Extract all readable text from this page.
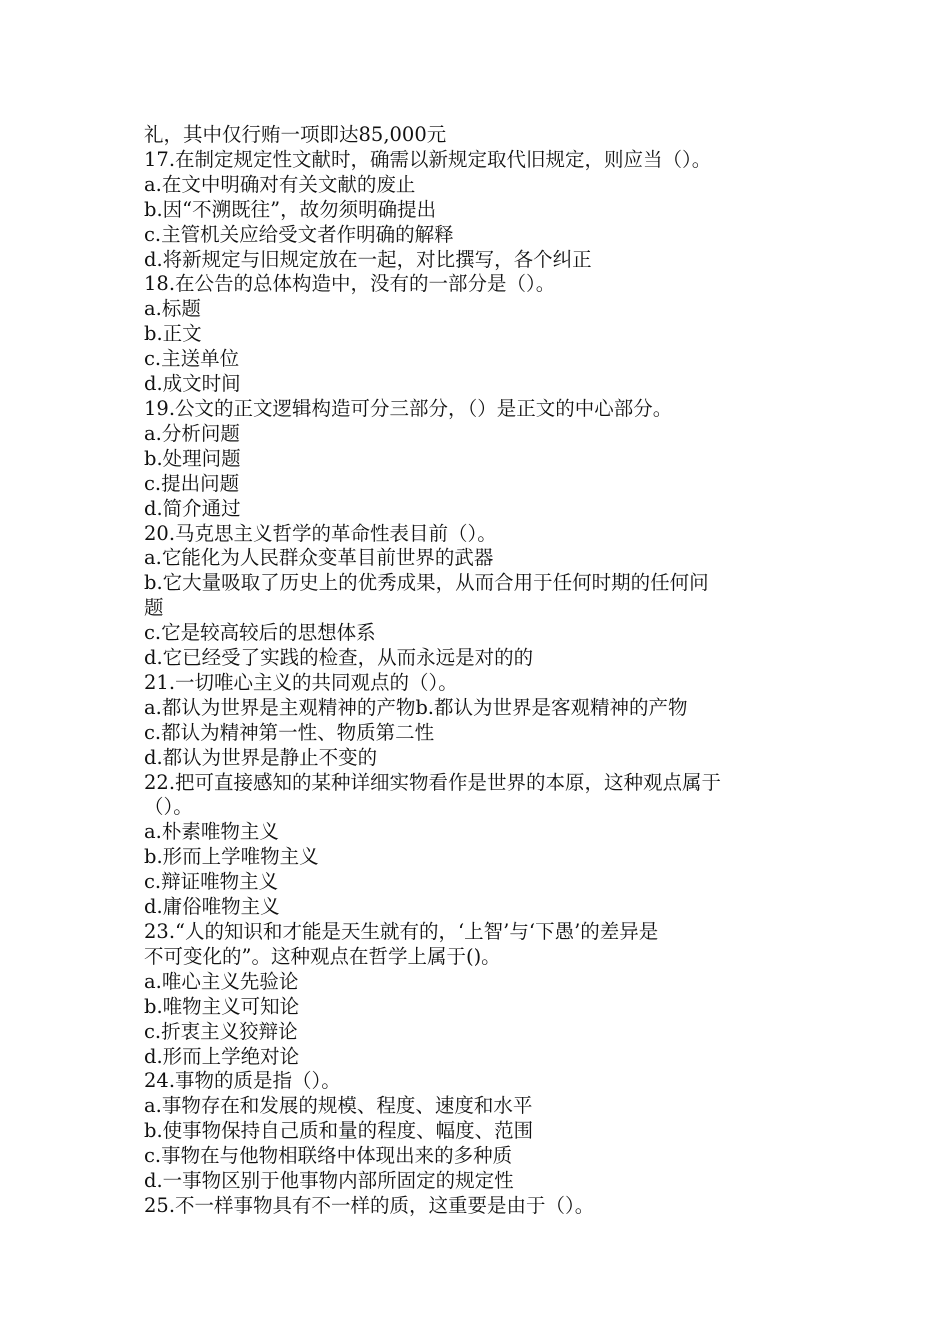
礼，其中仅行贿一项即达85,000元

17.在制定规定性文献时，确需以新规定取代旧规定，则应当（）。

a.在文中明确对有关文献的废止

b.因“不溯既往”，故勿须明确提出

c.主管机关应给受文者作明确的解释

d.将新规定与旧规定放在一起，对比撰写，各个纠正

18.在公告的总体构造中，没有的一部分是（）。

a.标题

b.正文

c.主送单位

d.成文时间

19.公文的正文逻辑构造可分三部分，（）是正文的中心部分。

a.分析问题

b.处理问题

c.提出问题

d.简介通过

20.马克思主义哲学的革命性表目前（）。

a.它能化为人民群众变革目前世界的武器

b.它大量吸取了历史上的优秀成果，从而合用于任何时期的任何问

题

c.它是较高较后的思想体系

d.它已经受了实践的检查，从而永远是对的的

21.一切唯心主义的共同观点的（）。

a.都认为世界是主观精神的产物b.都认为世界是客观精神的产物

c.都认为精神第一性、物质第二性

d.都认为世界是静止不变的

22.把可直接感知的某种详细实物看作是世界的本原，这种观点属于

（）。

a.朴素唯物主义

b.形而上学唯物主义

c.辩证唯物主义

d.庸俗唯物主义

23.“人的知识和才能是天生就有的，‘上智’与‘下愚’的差异是

不可变化的”。这种观点在哲学上属于()。

a.唯心主义先验论

b.唯物主义可知论

c.折衷主义狡辩论

d.形而上学绝对论

24.事物的质是指（）。

a.事物存在和发展的规模、程度、速度和水平

b.使事物保持自己质和量的程度、幅度、范围

c.事物在与他物相联络中体现出来的多种质

d.一事物区别于他事物内部所固定的规定性

25.不一样事物具有不一样的质，这重要是由于（）。
